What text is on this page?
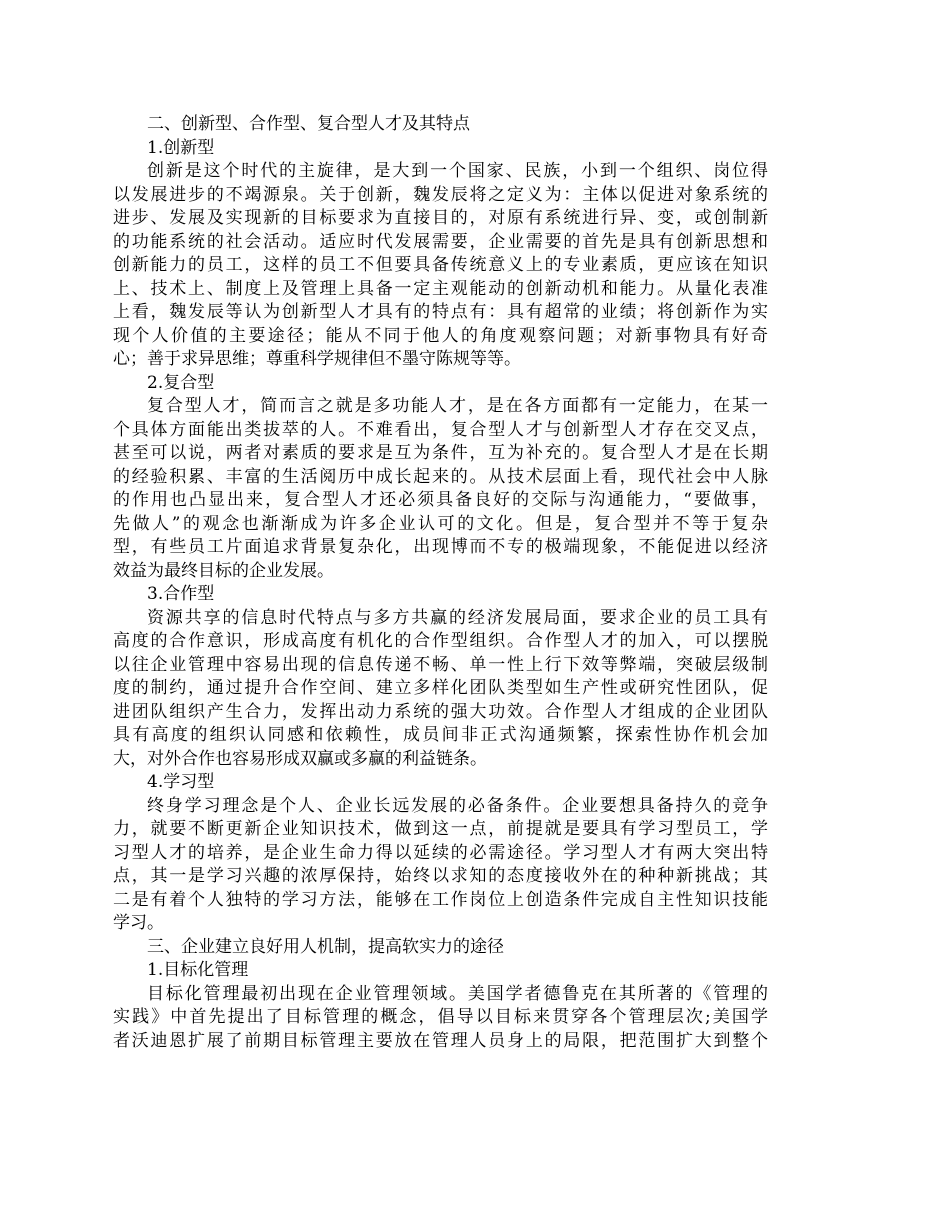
二、创新型、合作型、复合型人才及其特点
1.创新型
创新是这个时代的主旋律，是大到一个国家、民族，小到一个组织、岗位得
以发展进步的不竭源泉。关于创新，魏发辰将之定义为：主体以促进对象系统的
进步、发展及实现新的目标要求为直接目的，对原有系统进行异、变，或创制新
的功能系统的社会活动。适应时代发展需要，企业需要的首先是具有创新思想和
创新能力的员工，这样的员工不但要具备传统意义上的专业素质，更应该在知识
上、技术上、制度上及管理上具备一定主观能动的创新动机和能力。从量化表准
上看，魏发辰等认为创新型人才具有的特点有：具有超常的业绩；将创新作为实
现个人价值的主要途径；能从不同于他人的角度观察问题；对新事物具有好奇
心；善于求异思维；尊重科学规律但不墨守陈规等等。
2.复合型
复合型人才，简而言之就是多功能人才，是在各方面都有一定能力，在某一
个具体方面能出类拔萃的人。不难看出，复合型人才与创新型人才存在交叉点，
甚至可以说，两者对素质的要求是互为条件，互为补充的。复合型人才是在长期
的经验积累、丰富的生活阅历中成长起来的。从技术层面上看，现代社会中人脉
的作用也凸显出来，复合型人才还必须具备良好的交际与沟通能力，“要做事，
先做人”的观念也渐渐成为许多企业认可的文化。但是，复合型并不等于复杂
型，有些员工片面追求背景复杂化，出现博而不专的极端现象，不能促进以经济
效益为最终目标的企业发展。
3.合作型
资源共享的信息时代特点与多方共赢的经济发展局面，要求企业的员工具有
高度的合作意识，形成高度有机化的合作型组织。合作型人才的加入，可以摆脱
以往企业管理中容易出现的信息传递不畅、单一性上行下效等弊端，突破层级制
度的制约，通过提升合作空间、建立多样化团队类型如生产性或研究性团队，促
进团队组织产生合力，发挥出动力系统的强大功效。合作型人才组成的企业团队
具有高度的组织认同感和依赖性，成员间非正式沟通频繁，探索性协作机会加
大，对外合作也容易形成双赢或多赢的利益链条。
4.学习型
终身学习理念是个人、企业长远发展的必备条件。企业要想具备持久的竞争
力，就要不断更新企业知识技术，做到这一点，前提就是要具有学习型员工，学
习型人才的培养，是企业生命力得以延续的必需途径。学习型人才有两大突出特
点，其一是学习兴趣的浓厚保持，始终以求知的态度接收外在的种种新挑战；其
二是有着个人独特的学习方法，能够在工作岗位上创造条件完成自主性知识技能
学习。
三、企业建立良好用人机制，提高软实力的途径
1.目标化管理
目标化管理最初出现在企业管理领域。美国学者德鲁克在其所著的《管理的
实践》中首先提出了目标管理的概念，倡导以目标来贯穿各个管理层次;美国学
者沃迪恩扩展了前期目标管理主要放在管理人员身上的局限，把范围扩大到整个
